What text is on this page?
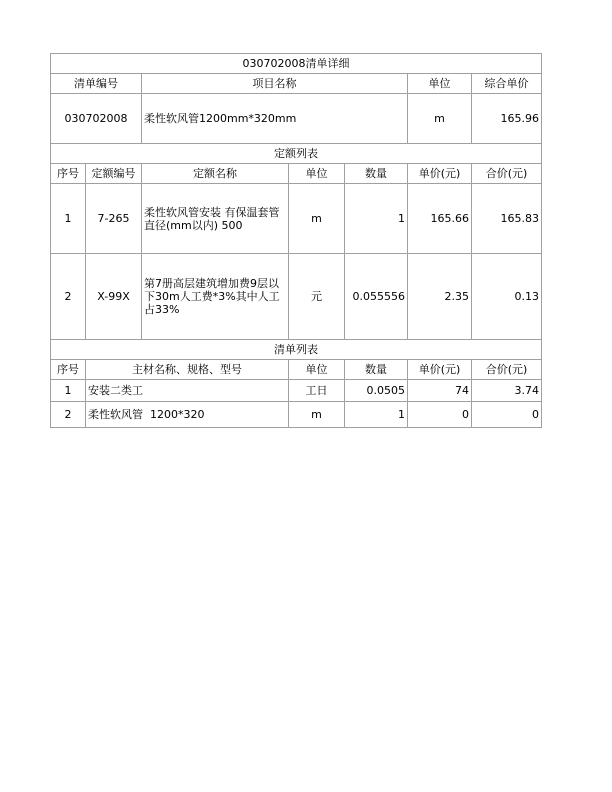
030702008清单详细						
清单编号		项目名称			单位	综合单价
030702008		柔性软风管1200mm*320mm			m	165.96
定额列表						
序号	定额编号	定额名称	单位	数量	单价(元)	合价(元)
1	7-265	柔性软风管安装 有保温套管 直径(mm以内) 500	m	1	165.66	165.83
2	X-99X	第7册高层建筑增加费9层以下30m人工费*3%其中人工占33%	元	0.055556	2.35	0.13
清单列表						
序号	主材名称、规格、型号		单位	数量	单价(元)	合价(元)
1	安装二类工		工日	0.0505	74	3.74
2	柔性软风管  1200*320		m	1	0	0
